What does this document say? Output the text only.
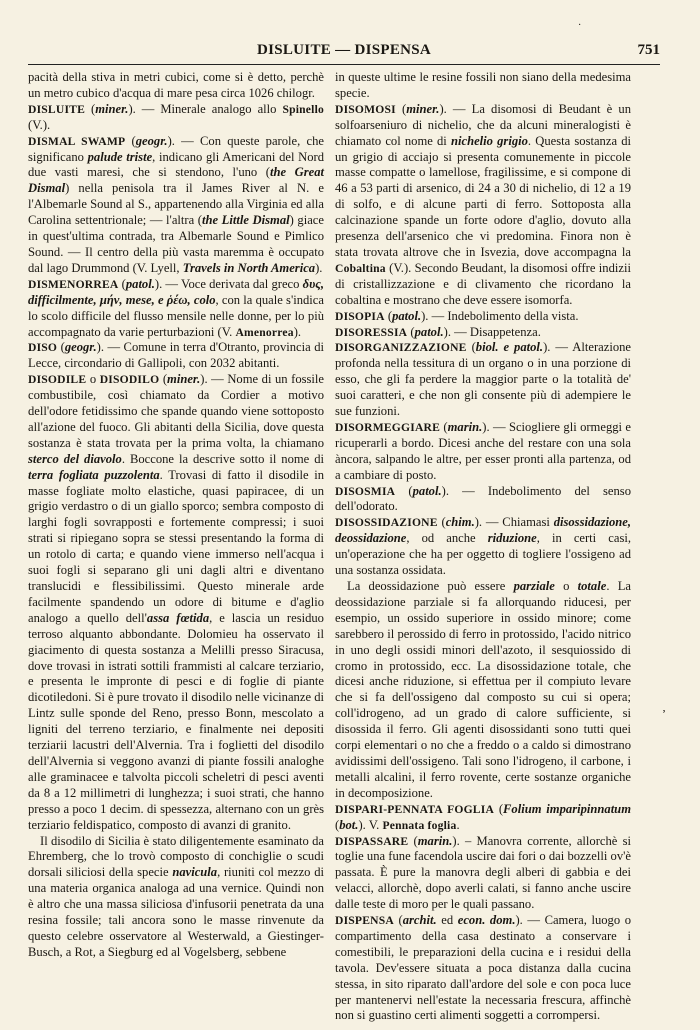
·
DISLUITE — DISPENSA	751

pacità della stiva in metri cubici, come si è detto, perchè un metro cubico d'acqua di mare pesa circa 1026 chilogr.

DISLUITE (miner.). — Minerale analogo allo Spinello (V.).

DISMAL SWAMP (geogr.). — Con queste parole, che significano palude triste, indicano gli Americani del Nord due vasti maresi, che si stendono, l'uno (the Great Dismal) nella penisola tra il James River al N. e l'Albemarle Sound al S., appartenendo alla Virginia ed alla Carolina settentrionale; — l'altra (the Little Dismal) giace in quest'ultima contrada, tra Albemarle Sound e Pimlico Sound. — Il centro della più vasta maremma è occupato dal lago Drummond (V. Lyell, Travels in North America).

DISMENORREA (patol.). — Voce derivata dal greco δυς, difficilmente, μήν, mese, e ῥέω, colo, con la quale s'indica lo scolo difficile del flusso mensile nelle donne, per lo più accompagnato da varie perturbazioni (V. Amenorrea).

DISO (geogr.). — Comune in terra d'Otranto, provincia di Lecce, circondario di Gallipoli, con 2032 abitanti.

DISODILE o DISODILO (miner.). — Nome di un fossile combustibile, così chiamato da Cordier a motivo dell'odore fetidissimo che spande quando viene sottoposto all'azione del fuoco. Gli abitanti della Sicilia, dove questa sostanza è stata trovata per la prima volta, la chiamano sterco del diavolo. Boccone la descrive sotto il nome di terra fogliata puzzolenta. Trovasi di fatto il disodile in masse fogliate molto elastiche, quasi papiracee, di un grigio verdastro o di un giallo sporco; sembra composto di larghi fogli sovrapposti e fortemente compressi; i suoi strati si ripiegano sopra se stessi presentando la forma di un rotolo di carta; e quando viene immerso nell'acqua i suoi fogli si separano gli uni dagli altri e diventano translucidi e flessibilissimi. Questo minerale arde facilmente spandendo un odore di bitume e d'aglio analogo a quello dell'assa fœtida, e lascia un residuo terroso alquanto abbondante. Dolomieu ha osservato il giacimento di questa sostanza a Melilli presso Siracusa, dove trovasi in istrati sottili frammisti al calcare terziario, e presenta le impronte di pesci e di foglie di piante dicotiledoni. Si è pure trovato il disodilo nelle vicinanze di Lintz sulle sponde del Reno, presso Bonn, mescolato a ligniti del terreno terziario, e finalmente nei depositi terziarii lacustri dell'Alvernia. Tra i foglietti del disodilo dell'Alvernia si veggono avanzi di piante fossili analoghe alle graminacee e talvolta piccoli scheletri di pesci aventi da 8 a 12 millimetri di lunghezza; i suoi strati, che hanno presso a poco 1 decim. di spessezza, alternano con un grès terziario feldispatico, composto di avanzi di granito.

Il disodilo di Sicilia è stato diligentemente esaminato da Ehremberg, che lo trovò composto di conchiglie o scudi dorsali siliciosi della specie navicula, riuniti col mezzo di una materia organica analoga ad una vernice. Quindi non è altro che una massa siliciosa d'infusorii penetrata da una resina fossile; tali ancora sono le masse rinvenute da questo celebre osservatore al Westerwald, a Giestinger-Busch, a Rot, a Siegburg ed al Vogelsberg, sebbene

in queste ultime le resine fossili non siano della medesima specie.

DISOMOSI (miner.). — La disomosi di Beudant è un solfoarseniuro di nichelio, che da alcuni mineralogisti è chiamato col nome di nichelio grigio. Questa sostanza di un grigio di acciajo si presenta comunemente in piccole masse compatte o lamellose, fragilissime, e si compone di 46 a 53 parti di arsenico, di 24 a 30 di nichelio, di 12 a 19 di solfo, e di alcune parti di ferro. Sottoposta alla calcinazione spande un forte odore d'aglio, dovuto alla presenza dell'arsenico che vi predomina. Finora non è stata trovata altrove che in Isvezia, dove accompagna la Cobaltina (V.). Secondo Beudant, la disomosi offre indizii di cristallizzazione e di clivamento che ricordano la cobaltina e mostrano che deve essere isomorfa.

DISOPIA (patol.). — Indebolimento della vista.

DISORESSIA (patol.). — Disappetenza.

DISORGANIZZAZIONE (biol. e patol.). — Alterazione profonda nella tessitura di un organo o in una porzione di esso, che gli fa perdere la maggior parte o la totalità de' suoi caratteri, e che non gli consente più di adempiere le sue funzioni.

DISORMEGGIARE (marin.). — Sciogliere gli ormeggi e ricuperarli a bordo. Dicesi anche del restare con una sola àncora, salpando le altre, per esser pronti alla partenza, od a cambiare di posto.

DISOSMIA (patol.). — Indebolimento del senso dell'odorato.

DISOSSIDAZIONE (chim.). — Chiamasi disossidazione, deossidazione, od anche riduzione, in certi casi, un'operazione che ha per oggetto di togliere l'ossigeno ad una sostanza ossidata.

La deossidazione può essere parziale o totale. La deossidazione parziale si fa allorquando riducesi, per esempio, un ossido superiore in ossido minore; come sarebbero il perossido di ferro in protossido, l'acido nitrico in uno degli ossidi minori dell'azoto, il sesquiossido di cromo in protossido, ecc. La disossidazione totale, che dicesi anche riduzione, si effettua per il compiuto levare che si fa dell'ossigeno dal composto su cui si opera; coll'idrogeno, ad un grado di calore sufficiente, si disossida il ferro. Gli agenti disossidanti sono tutti quei corpi elementari o no che a freddo o a caldo si dimostrano avidissimi dell'ossigeno. Tali sono l'idrogeno, il carbone, i metalli alcalini, il ferro rovente, certe sostanze organiche in decomposizione.

DISPARI-PENNATA FOGLIA (Folium imparipinnatum (bot.). V. Pennata foglia.

DISPASSARE (marin.). – Manovra corrente, allorchè si toglie una fune facendola uscire dai fori o dai bozzelli ov'è passata. È pure la manovra degli alberi di gabbia e dei velacci, allorchè, dopo averli calati, si fanno anche uscire dalle teste di moro per le quali passano.

DISPENSA (archit. ed econ. dom.). — Camera, luogo o compartimento della casa destinato a conservare i comestibili, le preparazioni della cucina e i residui della tavola. Dev'essere situata a poca distanza dalla cucina stessa, in sito riparato dall'ardore del sole e con poca luce per mantenervi nell'estate la necessaria frescura, affinchè non si guastino certi alimenti soggetti a corrompersi.

‚
